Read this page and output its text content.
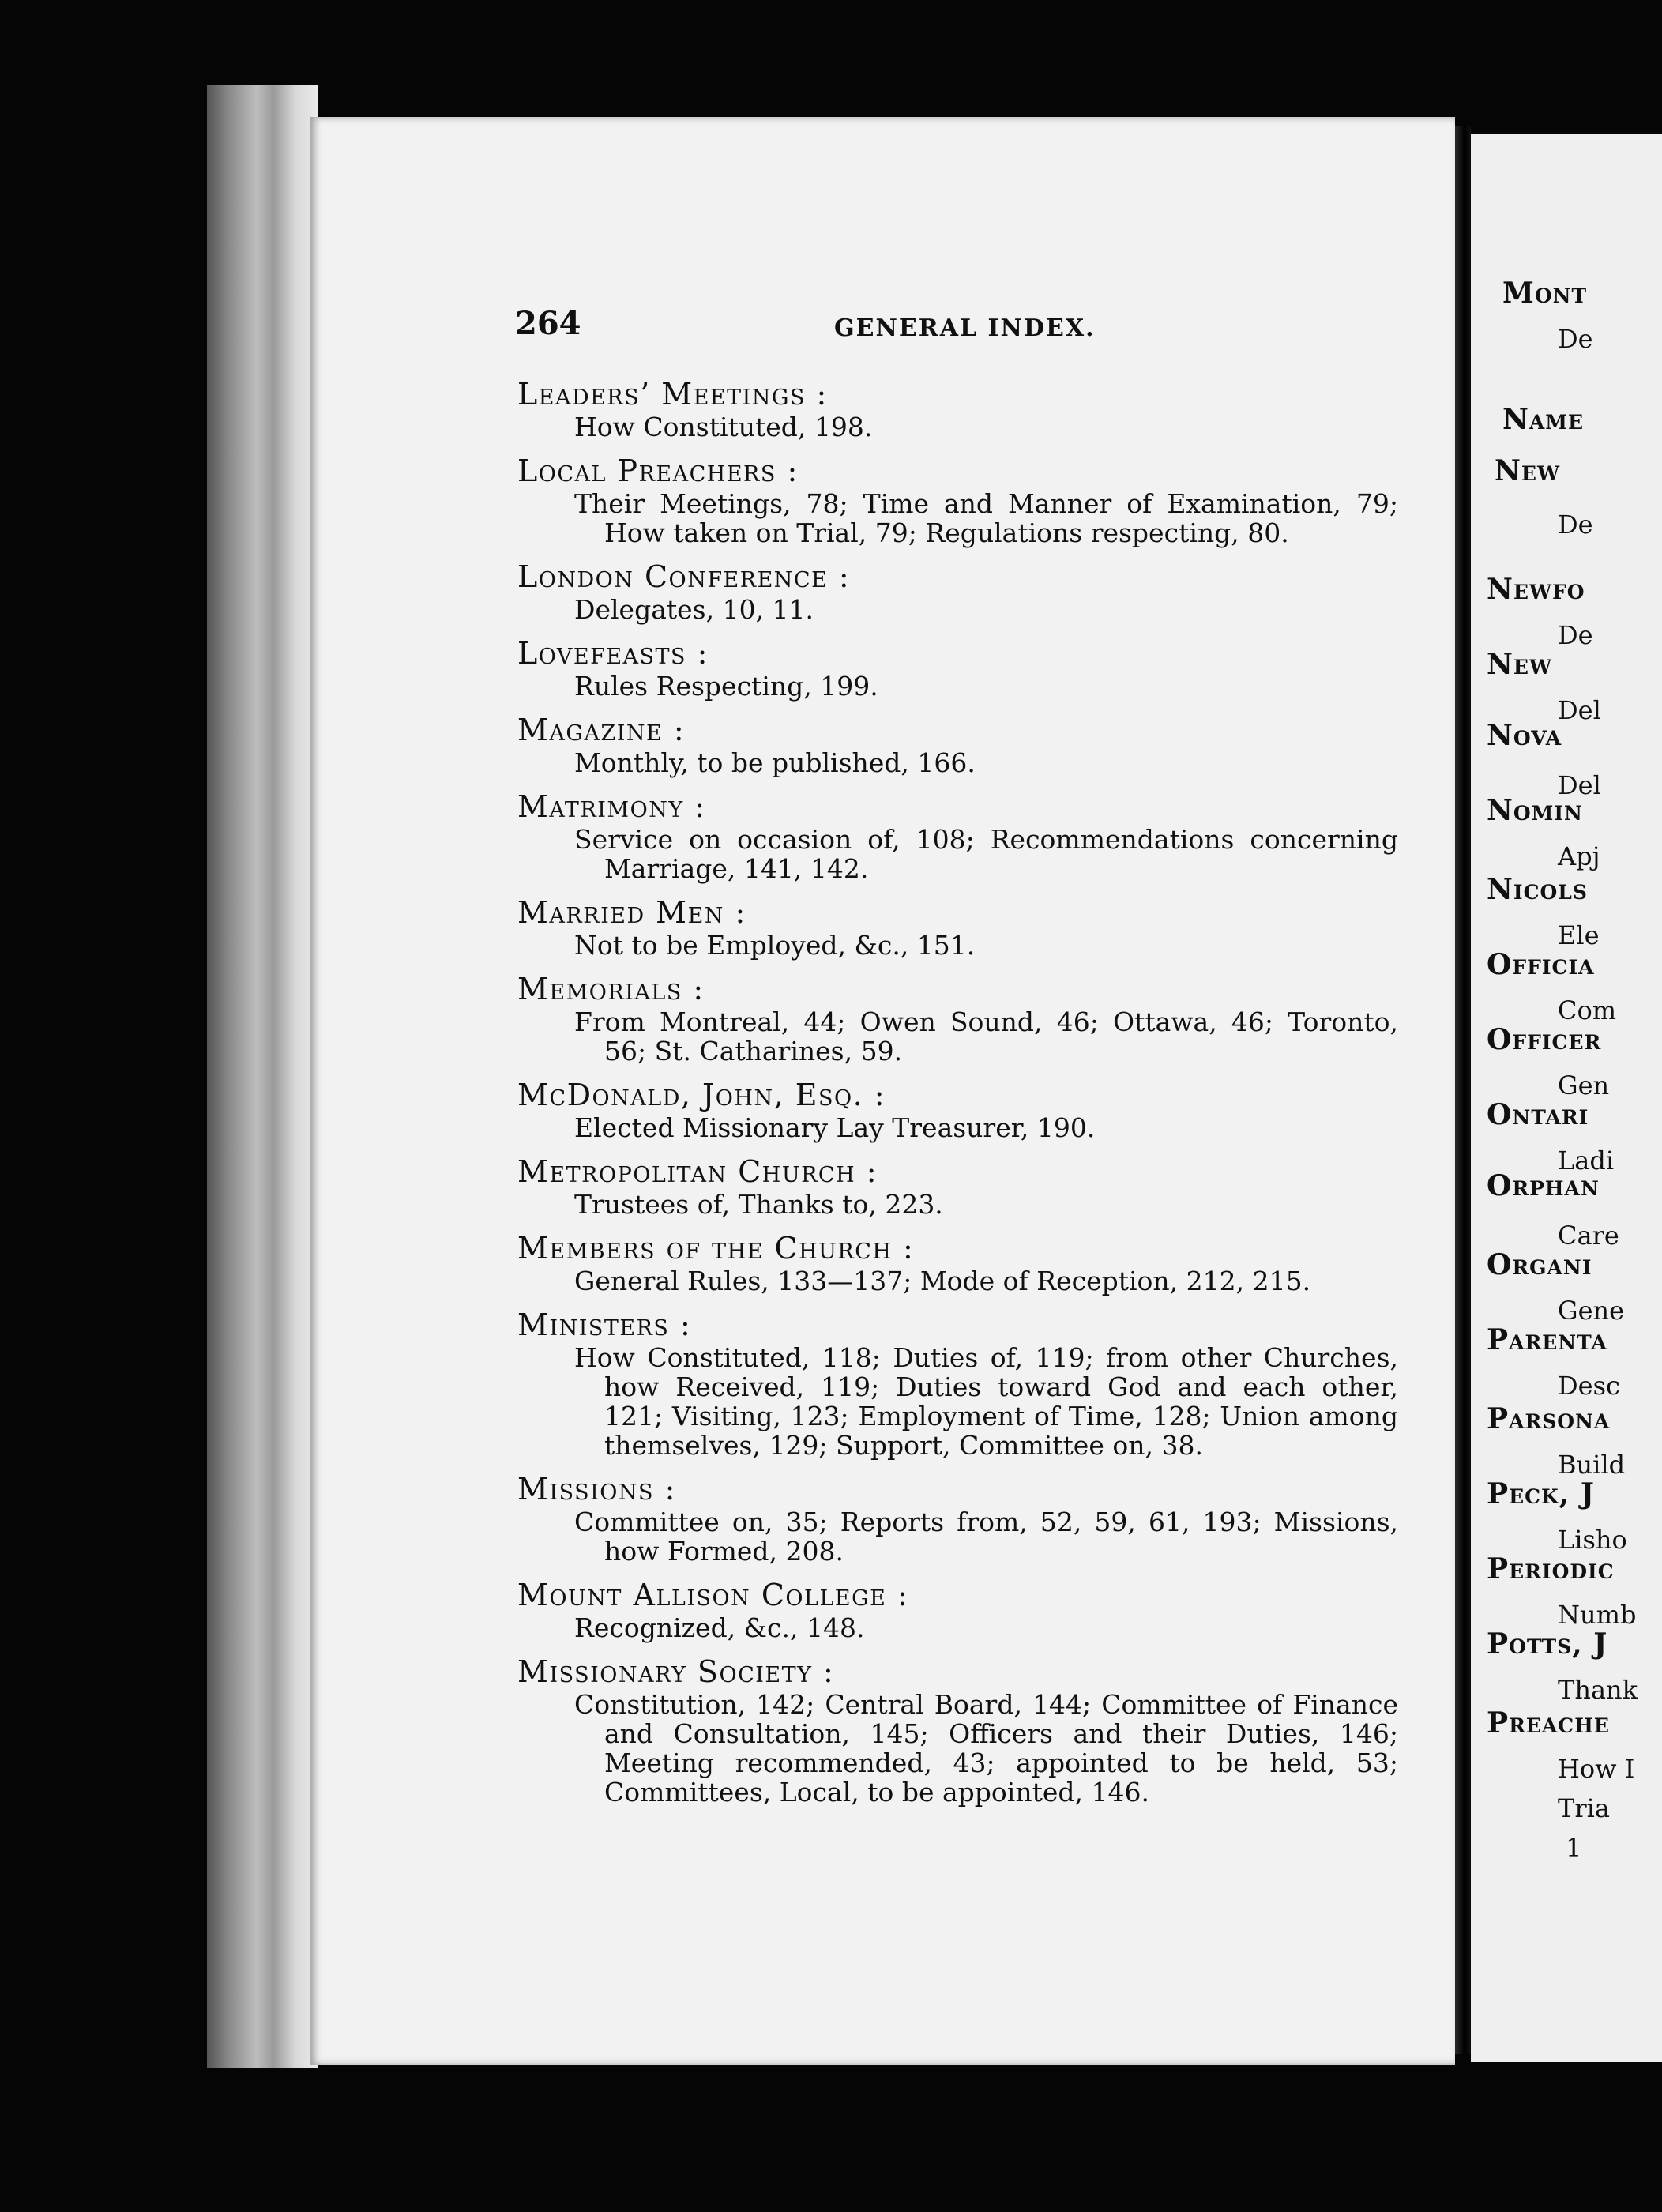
264	GENERAL INDEX.
Leaders’ Meetings :
How Constituted, 198.
Local Preachers :
Their Meetings, 78; Time and Manner of Examination, 79; How taken on Trial, 79; Regulations respecting, 80.
London Conference :
Delegates, 10, 11.
Lovefeasts :
Rules Respecting, 199.
Magazine :
Monthly, to be published, 166.
Matrimony :
Service on occasion of, 108; Recommendations concerning Marriage, 141, 142.
Married Men :
Not to be Employed, &c., 151.
Memorials :
From Montreal, 44; Owen Sound, 46; Ottawa, 46; Toronto, 56; St. Catharines, 59.
McDonald, John, Esq. :
Elected Missionary Lay Treasurer, 190.
Metropolitan Church :
Trustees of, Thanks to, 223.
Members of the Church :
General Rules, 133—137; Mode of Reception, 212, 215.
Ministers :
How Constituted, 118; Duties of, 119; from other Churches, how Received, 119; Duties toward God and each other, 121; Visiting, 123; Employment of Time, 128; Union among themselves, 129; Support, Committee on, 38.
Missions :
Committee on, 35; Reports from, 52, 59, 61, 193; Missions, how Formed, 208.
Mount Allison College :
Recognized, &c., 148.
Missionary Society :
Constitution, 142; Central Board, 144; Committee of Finance and Consultation, 145; Officers and their Duties, 146; Meeting recommended, 43; appointed to be held, 53; Committees, Local, to be appointed, 146.
Mont
De
Name
New
De
Newfo
De
New
Del
Nova
Del
Nomin
Apj
Nicols
Ele
Officia
Com
Officer
Gen
Ontari
Ladi
Orphan
Care
Organi
Gene
Parenta
Desc
Parsona
Build
Peck, J
Lisho
Periodic
Numb
Potts, J
Thank
Preache
How I
Tria
1
